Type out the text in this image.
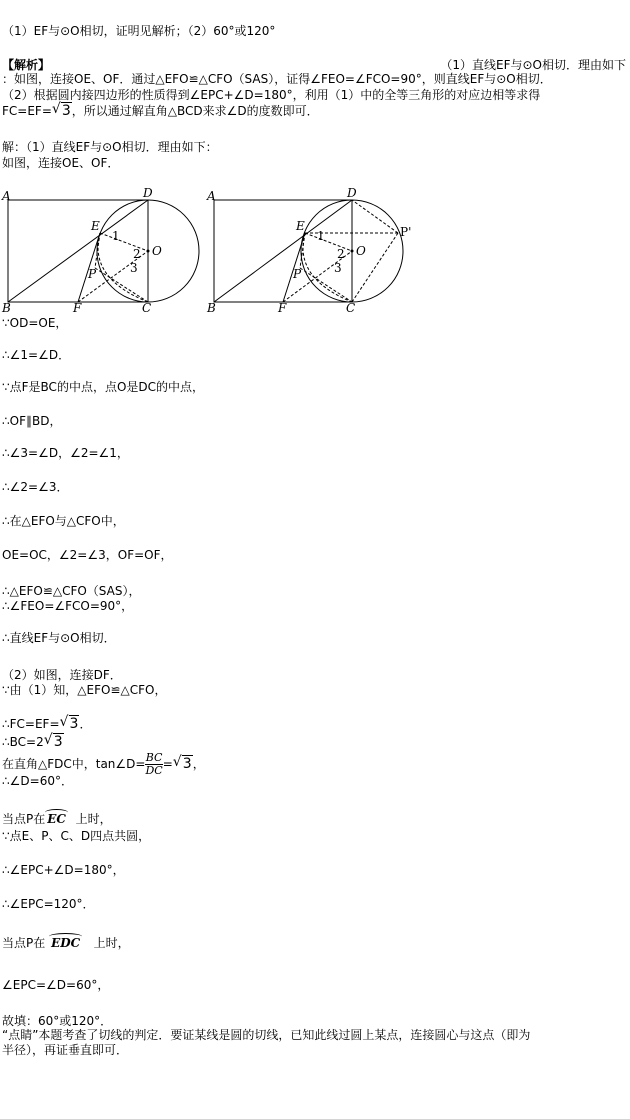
（1）EF与⊙O相切，证明见解析；（2）60°或120°
【解析】	（1）直线EF与⊙O相切．理由如下
：如图，连接OE、OF．通过△EFO≌△CFO（SAS），证得∠FEO=∠FCO=90°，则直线EF与⊙O相切．
（2）根据圆内接四边形的性质得到∠EPC+∠D=180°，利用（1）中的全等三角形的对应边相等求得
FC=EF= √ 3，所以通过解直角△BCD来求∠D的度数即可．
解：（1）直线EF与⊙O相切．理由如下：
如图，连接OE、OF．
A	D
E
1
O
2
3
P
B	F	C
A	D
E
1
O
2
3
P
P'
B	F	C
∵OD=OE，
∴∠1=∠D．
∵点F是BC的中点，点O是DC的中点，
∴OF∥BD，
∴∠3=∠D，∠2=∠1，
∴∠2=∠3．
∴在△EFO与△CFO中，
OE=OC，∠2=∠3，OF=OF，
∴△EFO≌△CFO（SAS），
∴∠FEO=∠FCO=90°，
∴直线EF与⊙O相切．
（2）如图，连接DF．
∵由（1）知，△EFO≌△CFO，
∴FC=EF= √ 3．
∴BC=2 √ 3
在直角△FDC中，tan∠D= $\frac{BC}{DC}$ = √ 3，
∴∠D=60°．
当点P在 EC 上时，
∵点E、P、C、D四点共圆，
∴∠EPC+∠D=180°，
∴∠EPC=120°．
当点P在 EDC 上时，
∠EPC=∠D=60°，
故填：60°或120°．
“点睛”本题考查了切线的判定．要证某线是圆的切线，已知此线过圆上某点，连接圆心与这点（即为
半径），再证垂直即可．
